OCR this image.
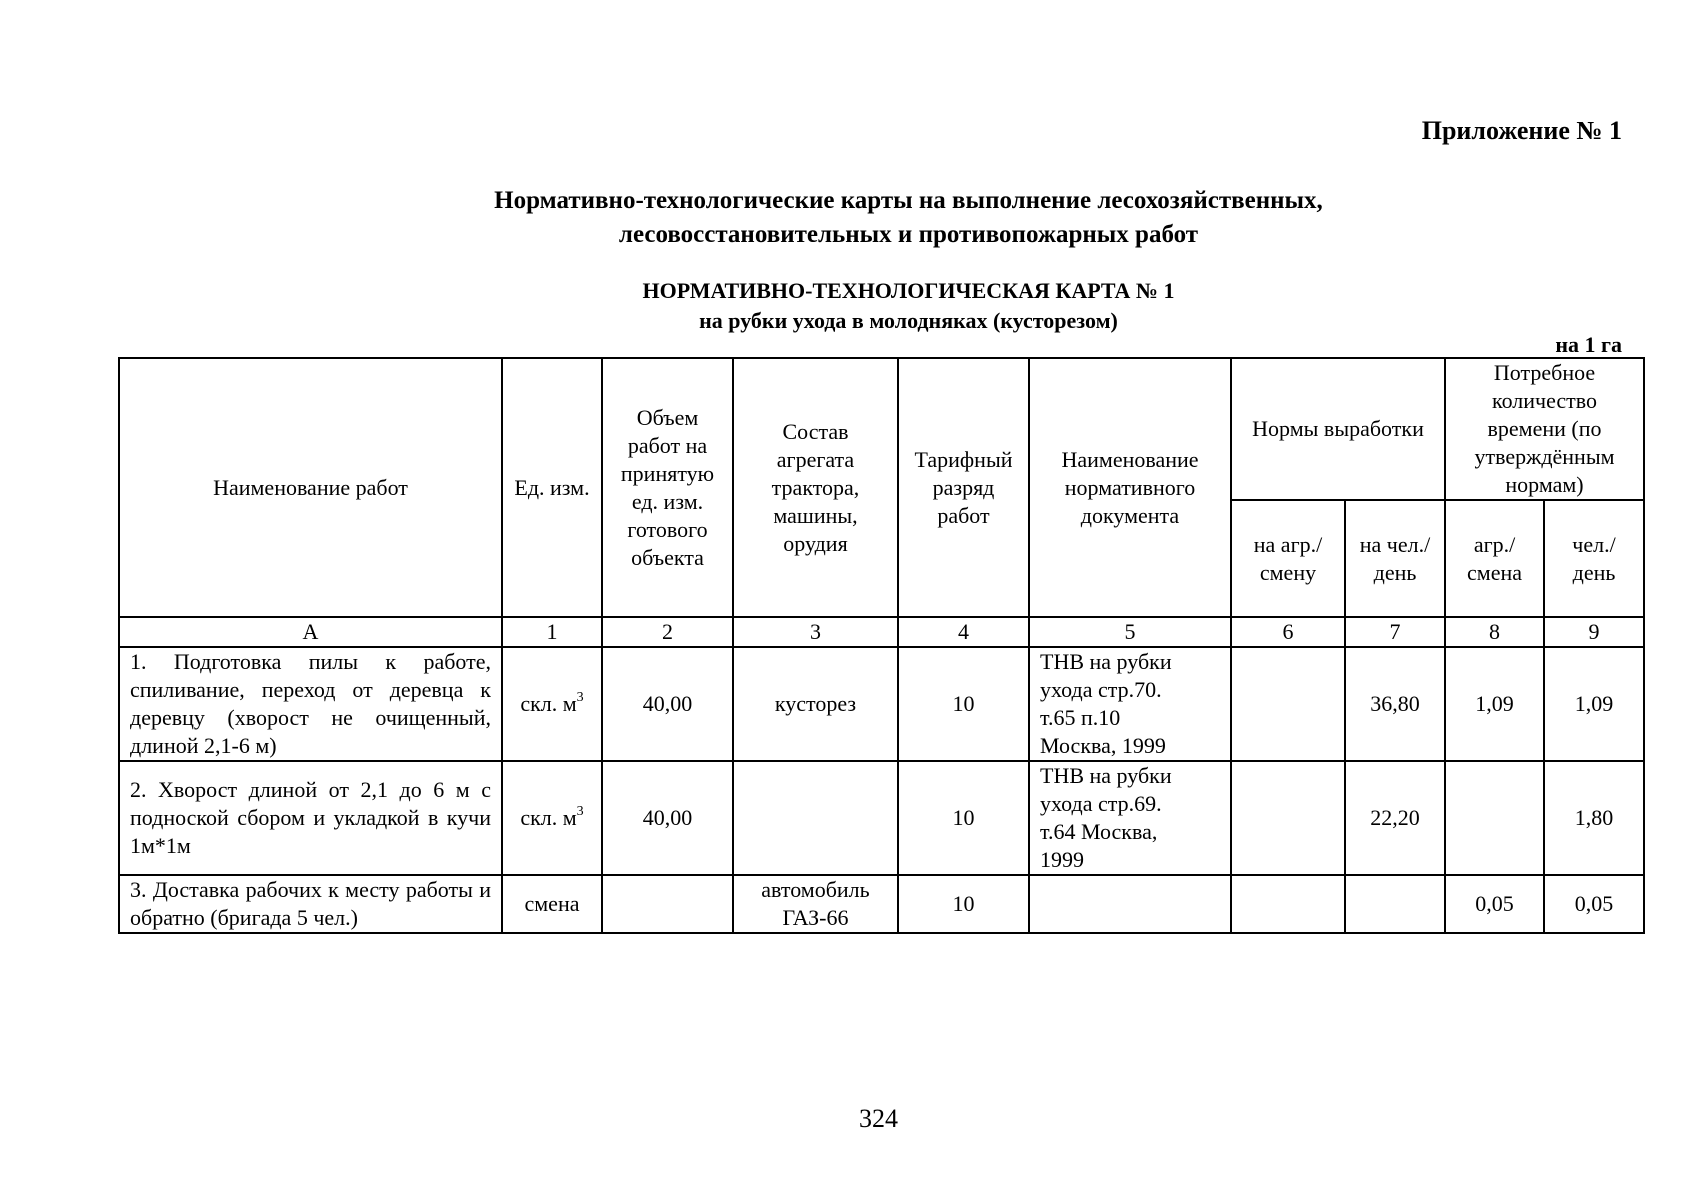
Приложение № 1
Нормативно-технологические карты на выполнение лесохозяйственных,
лесовосстановительных и противопожарных работ
НОРМАТИВНО-ТЕХНОЛОГИЧЕСКАЯ КАРТА № 1
на рубки ухода в молодняках (кусторезом)
на 1 га
Наименование работ	Ед. изм.	Объем работ на принятую ед. изм. готового объекта	Состав агрегата трактора, машины, орудия	Тарифный разряд работ	Наименование нормативного документа	Нормы выработки		Потребное количество времени (по утверждённым нормам)	
						на агр./ смену	на чел./ день	агр./ смена	чел./ день
А	1	2	3	4	5	6	7	8	9
1. Подготовка пилы к работе, спиливание, переход от деревца к деревцу (хворост не очищенный, длиной 2,1-6 м)	скл. $м^3$	40,00	кусторез	10	ТНВ на рубки
ухода стр.70.
т.65 п.10
Москва, 1999		36,80	1,09	1,09
2. Хворост длиной от 2,1 до 6 м с подноской сбором и укладкой в кучи 1м*1м	скл. $м^3$	40,00		10	ТНВ на рубки
ухода стр.69.
т.64 Москва,
1999		22,20		1,80
3. Доставка рабочих к месту работы и обратно (бригада 5 чел.)	смена		автомобиль ГАЗ-66	10				0,05	0,05
324
